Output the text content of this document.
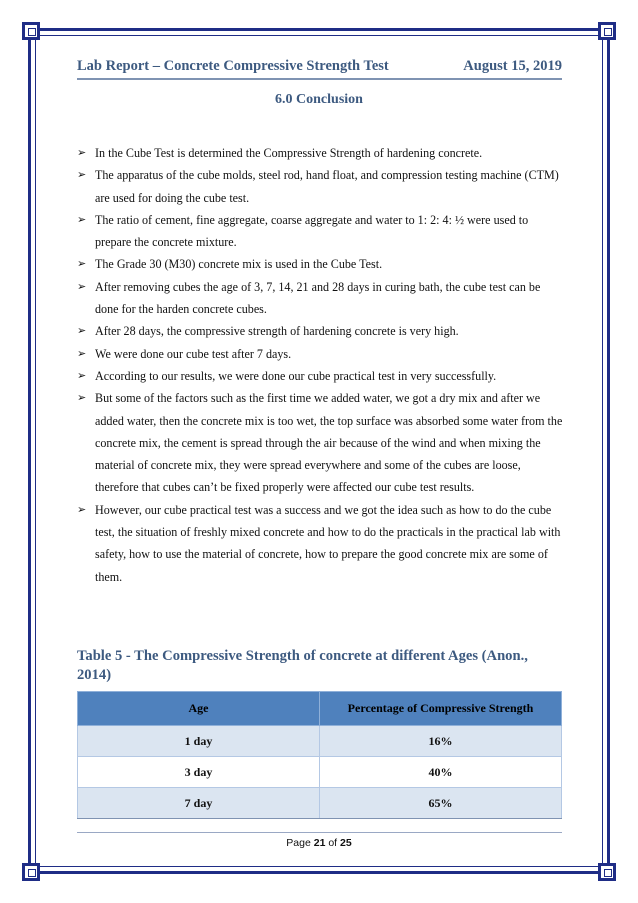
Lab Report – Concrete Compressive Strength Test	August 15, 2019
6.0 Conclusion
➢ In the Cube Test is determined the Compressive Strength of hardening concrete.
➢ The apparatus of the cube molds, steel rod, hand float, and compression testing machine (CTM) are used for doing the cube test.
➢ The ratio of cement, fine aggregate, coarse aggregate and water to 1: 2: 4: ½ were used to prepare the concrete mixture.
➢ The Grade 30 (M30) concrete mix is used in the Cube Test.
➢ After removing cubes the age of 3, 7, 14, 21 and 28 days in curing bath, the cube test can be done for the harden concrete cubes.
➢ After 28 days, the compressive strength of hardening concrete is very high.
➢ We were done our cube test after 7 days.
➢ According to our results, we were done our cube practical test in very successfully.
➢ But some of the factors such as the first time we added water, we got a dry mix and after we added water, then the concrete mix is too wet, the top surface was absorbed some water from the concrete mix, the cement is spread through the air because of the wind and when mixing the material of concrete mix, they were spread everywhere and some of the cubes are loose, therefore that cubes can’t be fixed properly were affected our cube test results.
➢ However, our cube practical test was a success and we got the idea such as how to do the cube test, the situation of freshly mixed concrete and how to do the practicals in the practical lab with safety, how to use the material of concrete, how to prepare the good concrete mix are some of them.
Table 5 - The Compressive Strength of concrete at different Ages (Anon., 2014)
Age	Percentage of Compressive Strength
1 day	16%
3 day	40%
7 day	65%
Page 21 of 25
